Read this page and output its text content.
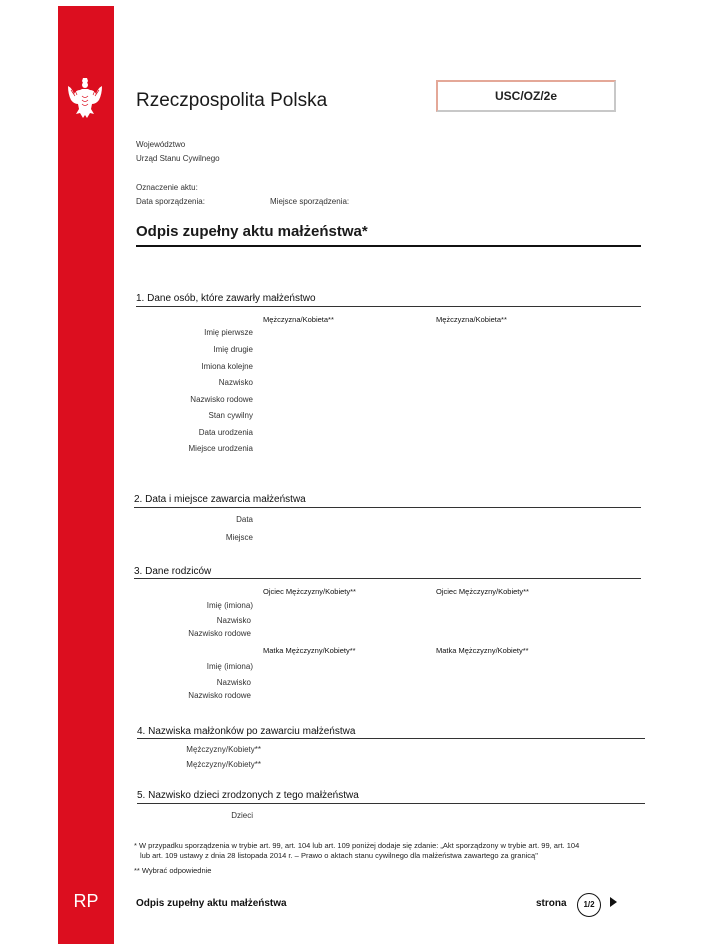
RP
Rzeczpospolita Polska	USC/OZ/2e
Województwo
Urząd Stanu Cywilnego
Oznaczenie aktu:
Data sporządzenia:	Miejsce sporządzenia:
Odpis zupełny aktu małżeństwa*
1. Dane osób, które zawarły małżeństwo
Mężczyzna/Kobieta**	Mężczyzna/Kobieta**
Imię pierwsze
Imię drugie
Imiona kolejne
Nazwisko
Nazwisko rodowe
Stan cywilny
Data urodzenia
Miejsce urodzenia
2. Data i miejsce zawarcia małżeństwa
Data
Miejsce
3. Dane rodziców
Ojciec Mężczyzny/Kobiety**	Ojciec Mężczyzny/Kobiety**
Imię (imiona)
Nazwisko
Nazwisko rodowe
Matka Mężczyzny/Kobiety**	Matka Mężczyzny/Kobiety**
Imię (imiona)
Nazwisko
Nazwisko rodowe
4. Nazwiska małżonków po zawarciu małżeństwa
Mężczyzny/Kobiety**
Mężczyzny/Kobiety**
5. Nazwisko dzieci zrodzonych z tego małżeństwa
Dzieci
* W przypadku sporządzenia w trybie art. 99, art. 104 lub art. 109 poniżej dodaje się zdanie: „Akt sporządzony w trybie art. 99, art. 104
lub art. 109 ustawy z dnia 28 listopada 2014 r. – Prawo o aktach stanu cywilnego dla małżeństwa zawartego za granicą"
** Wybrać odpowiednie
Odpis zupełny aktu małżeństwa	strona	1/2
